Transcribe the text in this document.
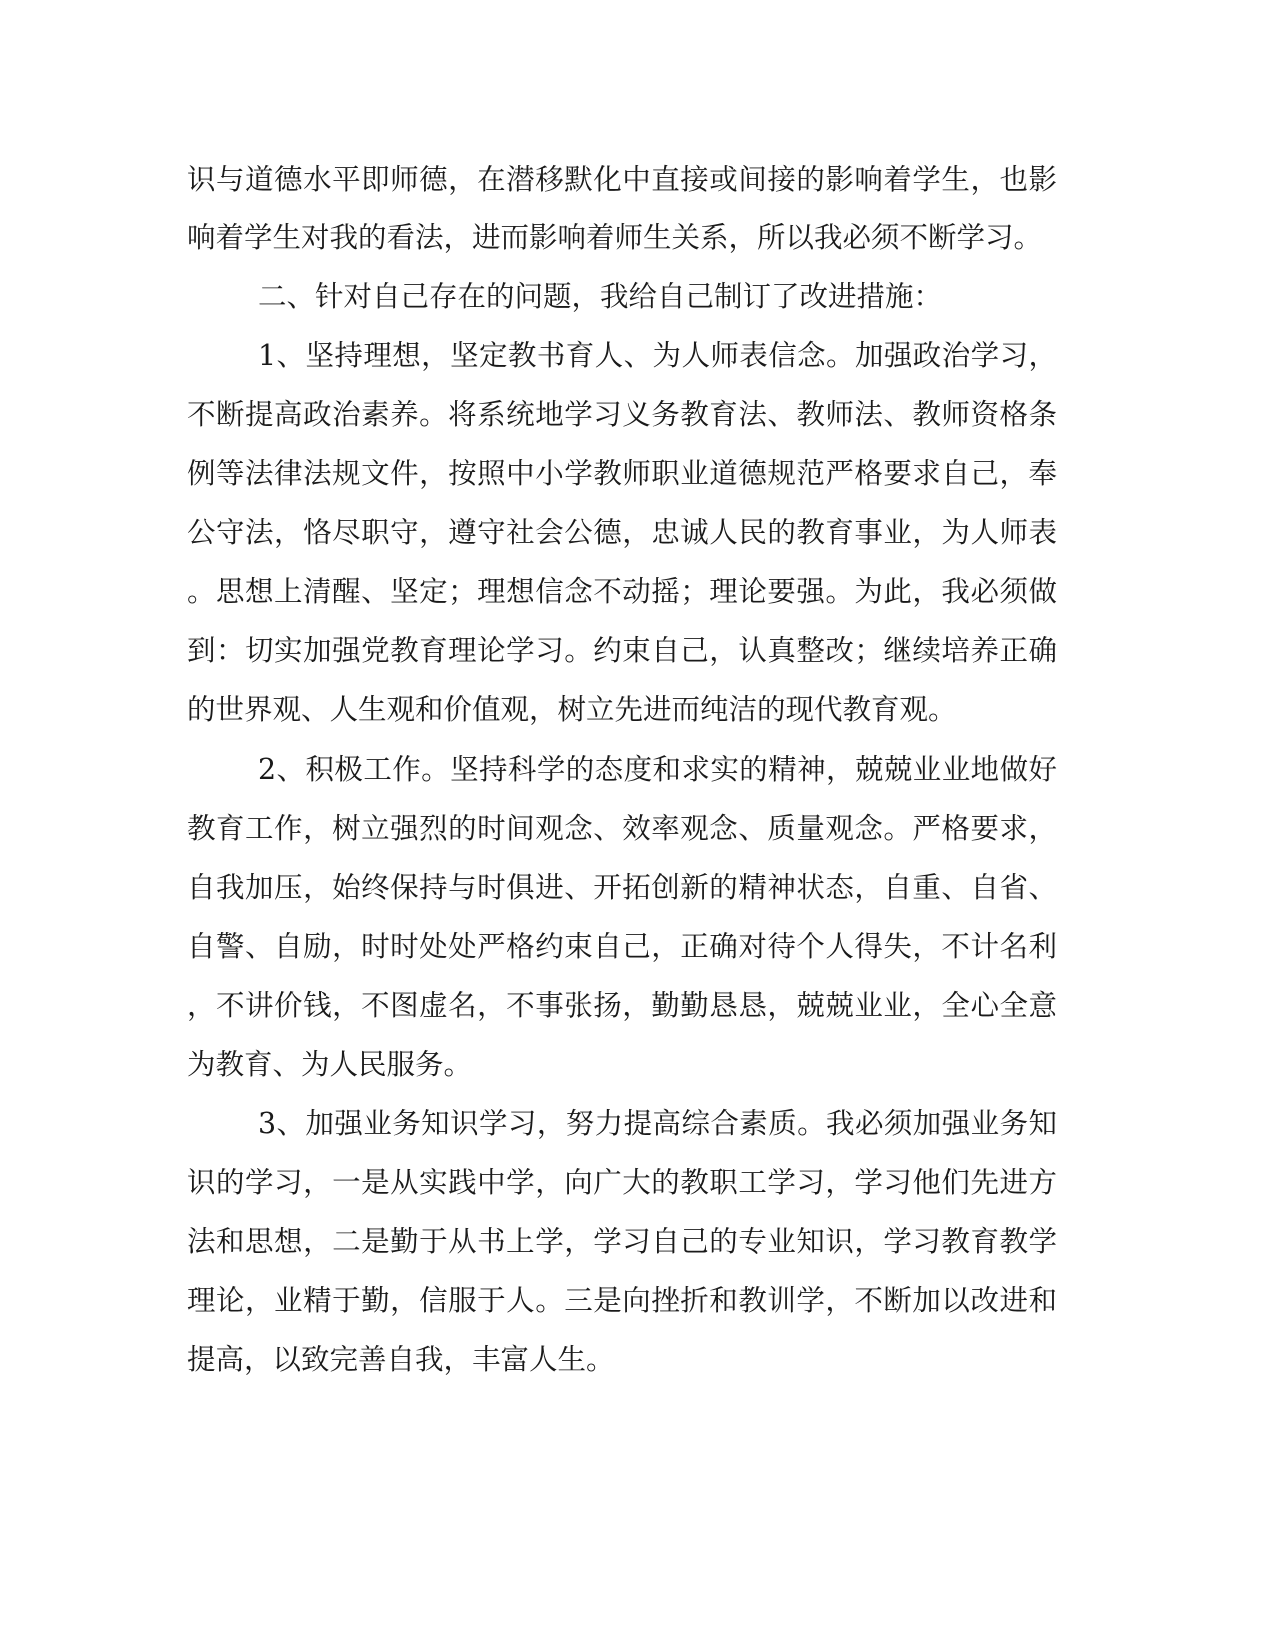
识与道德水平即师德，在潜移默化中直接或间接的影响着学生，也影
响着学生对我的看法，进而影响着师生关系，所以我必须不断学习。
二、针对自己存在的问题，我给自己制订了改进措施：
1、坚持理想，坚定教书育人、为人师表信念。加强政治学习，
不断提高政治素养。将系统地学习义务教育法、教师法、教师资格条
例等法律法规文件，按照中小学教师职业道德规范严格要求自己，奉
公守法，恪尽职守，遵守社会公德，忠诚人民的教育事业，为人师表
。思想上清醒、坚定；理想信念不动摇；理论要强。为此，我必须做
到：切实加强党教育理论学习。约束自己，认真整改；继续培养正确
的世界观、人生观和价值观，树立先进而纯洁的现代教育观。
2、积极工作。坚持科学的态度和求实的精神，兢兢业业地做好
教育工作，树立强烈的时间观念、效率观念、质量观念。严格要求，
自我加压，始终保持与时俱进、开拓创新的精神状态，自重、自省、
自警、自励，时时处处严格约束自己，正确对待个人得失，不计名利
，不讲价钱，不图虚名，不事张扬，勤勤恳恳，兢兢业业，全心全意
为教育、为人民服务。
3、加强业务知识学习，努力提高综合素质。我必须加强业务知
识的学习，一是从实践中学，向广大的教职工学习，学习他们先进方
法和思想，二是勤于从书上学，学习自己的专业知识，学习教育教学
理论，业精于勤，信服于人。三是向挫折和教训学，不断加以改进和
提高，以致完善自我，丰富人生。
